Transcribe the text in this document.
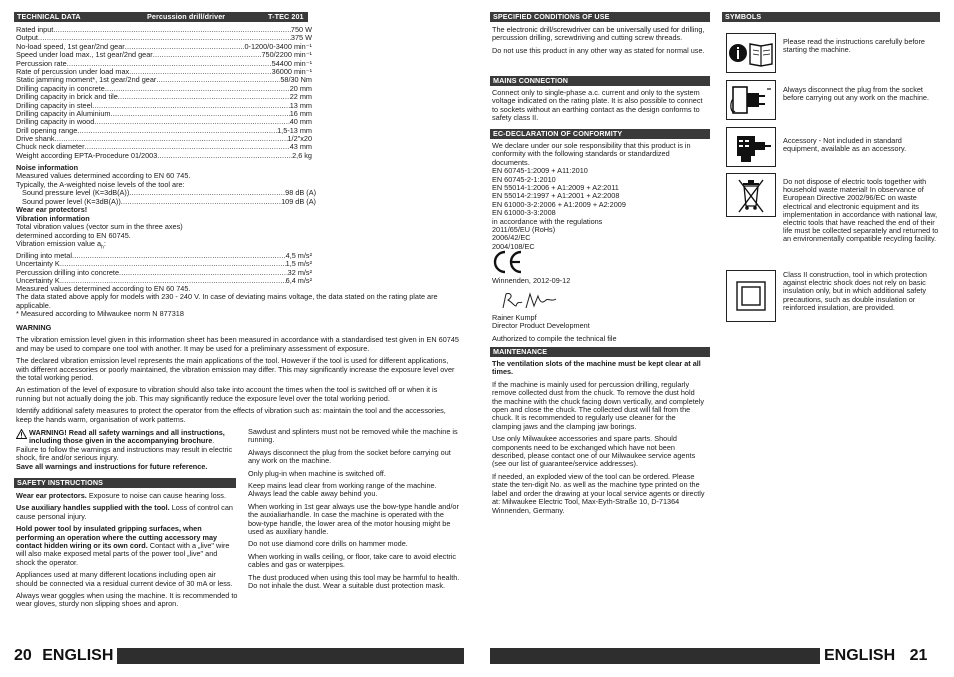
TECHNICAL DATA	Percussion drill/driver	T-TEC 201
Rated input .....	750 W
Output .....	375 W
No-load speed, 1st gear/2nd gear .....	0-1200/0-3400 min⁻¹
Speed under load max., 1st gear/2nd gear .....	750/2200 min⁻¹
Percussion rate .....	54400 min⁻¹
Rate of percussion under load max. .....	36000 min⁻¹
Static jamming moment*, 1st gear/2nd gear .....	58/30 Nm
Drilling capacity in concrete .....	20 mm
Drilling capacity in brick and tile .....	22 mm
Drilling capacity in steel .....	13 mm
Drilling capacity in Aluminium .....	16 mm
Drilling capacity in wood .....	40 mm
Drill opening range .....	1,5-13 mm
Drive shank .....	1/2"x20
Chuck neck diameter .....	43 mm
Weight according EPTA-Procedure 01/2003 .....	2,6 kg
Noise information
Measured values determined according to EN 60 745.
Typically, the A-weighted noise levels of the tool are:
Sound pressure level (K=3dB(A)) .....	98 dB (A)
Sound power level (K=3dB(A)) .....	109 dB (A)
Wear ear protectors!
Vibration information
Total vibration values (vector sum in the three axes)
determined according to EN 60745.
Vibration emission value $a_h$:
Drilling into metal .....	4,5 m/s²
Uncertainty K .....	1,5 m/s²
Percussion drilling into concrete .....	32 m/s²
Uncertainty K .....	6,4 m/s²
Measured values determined according to EN 60 745.
The data stated above apply for models with 230 - 240 V. In case of deviating mains voltage, the data stated on the rating plate are applicable.
* Measured according to Milwaukee norm N 877318
WARNING
The vibration emission level given in this information sheet has been measured in accordance with a standardised test given in EN 60745 and may be used to compare one tool with another. It may be used for a preliminary assessment of exposure.
The declared vibration emission level represents the main applications of the tool. However if the tool is used for different applications, with different accessories or poorly maintained, the vibration emission may differ. This may significantly increase the exposure level over the total working period.
An estimation of the level of exposure to vibration should also take into account the times when the tool is switched off or when it is running but not actually doing the job. This may significantly reduce the exposure level over the total working period.
Identify additional safety measures to protect the operator from the effects of vibration such as: maintain the tool and the accessories, keep the hands warm, organisation of work patterns.
WARNING! Read all safety warnings and all instructions, including those given in the accompanying brochure. Failure to follow the warnings and instructions may result in electric shock, fire and/or serious injury.
Save all warnings and instructions for future reference.
SAFETY INSTRUCTIONS
Wear ear protectors. Exposure to noise can cause hearing loss.
Use auxiliary handles supplied with the tool. Loss of control can cause personal injury.
Hold power tool by insulated gripping surfaces, when performing an operation where the cutting accessory may contact hidden wiring or its own cord. Contact with a „live" wire will also make exposed metal parts of the power tool „live" and shock the operator.
Appliances used at many different locations including open air should be connected via a residual current device of 30 mA or less.
Always wear goggles when using the machine. It is recommended to wear gloves, sturdy non slipping shoes and apron.
Sawdust and splinters must not be removed while the machine is running.
Always disconnect the plug from the socket before carrying out any work on the machine.
Only plug-in when machine is switched off.
Keep mains lead clear from working range of the machine. Always lead the cable away behind you.
When working in 1st gear always use the bow-type handle and/or the auxialiarhandle. In case the machine is operated with the bow-type handle, the lower area of the motor housing might be used as auxiliary handle.
Do not use diamond core drills on hammer mode.
When working in walls ceiling, or floor, take care to avoid electric cables and gas or waterpipes.
The dust produced when using this tool may be harmful to health. Do not inhale the dust. Wear a suitable dust protection mask.
20 ENGLISH
SPECIFIED CONDITIONS OF USE
The electronic drill/screwdriver can be universally used for drilling, percussion drilling, screwdriving and cutting screw threads.
Do not use this product in any other way as stated for normal use.
MAINS CONNECTION
Connect only to single-phase a.c. current and only to the system voltage indicated on the rating plate. It is also possible to connect to sockets without an earthing contact as the design conforms to safety class II.
EC-DECLARATION OF CONFORMITY
We declare under our sole responsibility that this product is in conformity with the following standards or standardized documents.
EN 60745-1:2009 + A11:2010
EN 60745-2-1:2010
EN 55014-1:2006 + A1:2009 + A2:2011
EN 55014-2:1997 + A1:2001 + A2:2008
EN 61000-3-2:2006 + A1:2009 + A2:2009
EN 61000-3-3:2008
in accordance with the regulations
2011/65/EU (RoHs)
2006/42/EC
2004/108/EC
Winnenden, 2012-09-12
Rainer Kumpf
Director Product Development
Authorized to compile the technical file
MAINTENANCE
The ventilation slots of the machine must be kept clear at all times.
If the machine is mainly used for percussion drilling, regularly remove collected dust from the chuck. To remove the dust hold the machine with the chuck facing down vertically, and completely open and close the chuck. The collected dust will fall from the chuck. It is recommended to regularly use cleaner for the clamping jaws and the clamping jaw borings.
Use only Milwaukee accessories and spare parts. Should components need to be exchanged which have not been described, please contact one of our Milwaukee service agents (see our list of guarantee/service addresses).
If needed, an exploded view of the tool can be ordered. Please state the ten-digit No. as well as the machine type printed on the label and order the drawing at your local service agents or directly at: Milwaukee Electric Tool, Max-Eyth-Straße 10, D-71364 Winnenden, Germany.
SYMBOLS
Please read the instructions carefully before starting the machine.
Always disconnect the plug from the socket before carrying out any work on the machine.
Accessory - Not included in standard equipment, available as an accessory.
Do not dispose of electric tools together with household waste material! In observance of European Directive 2002/96/EC on waste electrical and electronic equipment and its implementation in accordance with national law, electric tools that have reached the end of their life must be collected separately and returned to an environmentally compatible recycling facility.
Class II construction, tool in which protection against electric shock does not rely on basic insulation only, but in which additional safety precautions, such as double insulation or reinforced insulation, are provided.
ENGLISH 21
